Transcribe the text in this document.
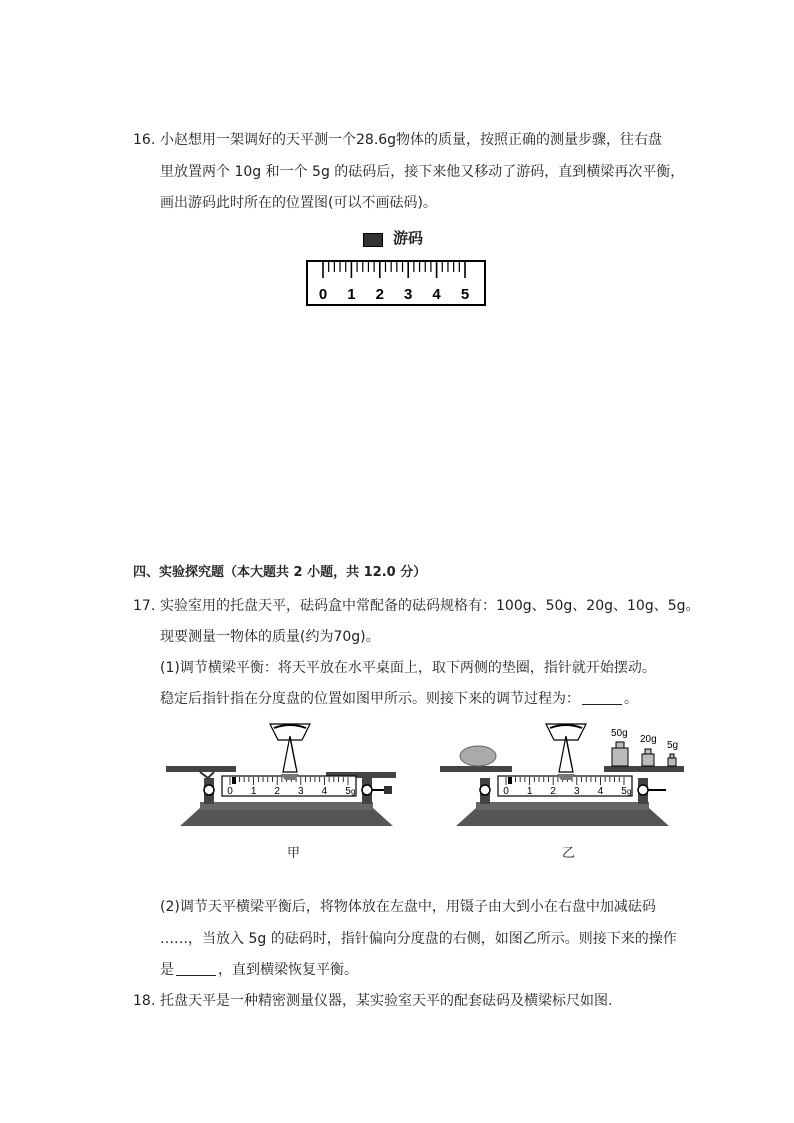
16. 小赵想用一架调好的天平测一个28.6g物体的质量，按照正确的测量步骤，往右盘
里放置两个 10g 和一个 5g 的砝码后，接下来他又移动了游码，直到横梁再次平衡，
画出游码此时所在的位置图(可以不画砝码)。
游码
0 1 2 3 4 5
四、实验探究题（本大题共 2 小题，共 12.0 分）
17. 实验室用的托盘天平，砝码盒中常配备的砝码规格有：100g、50g、20g、10g、5g。
现要测量一物体的质量(约为70g)。
(1)调节横梁平衡：将天平放在水平桌面上，取下两侧的垫圈，指针就开始摆动。
稳定后指针指在分度盘的位置如图甲所示。则接下来的调节过程为：	。
0 1 2 3 4 5 g
50g
20g
5g
0 1 2 3 4 5 g
甲	乙
(2)调节天平横梁平衡后，将物体放在左盘中，用镊子由大到小在右盘中加减砝码
……，当放入 5g 的砝码时，指针偏向分度盘的右侧，如图乙所示。则接下来的操作
是	，直到横梁恢复平衡。
18. 托盘天平是一种精密测量仪器，某实验室天平的配套砝码及横梁标尺如图.
